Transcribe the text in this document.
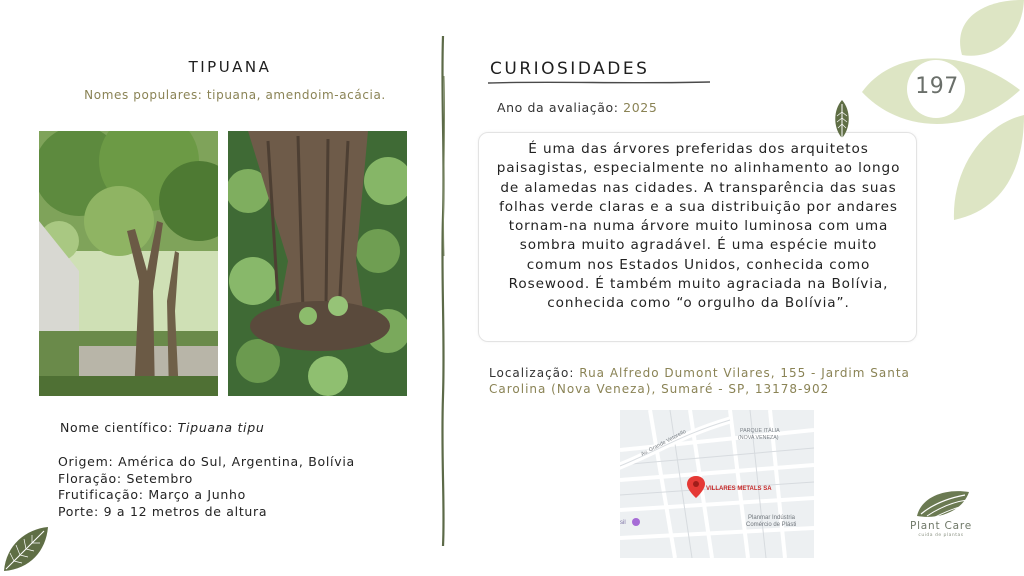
TIPUANA
Nomes populares: tipuana, amendoim-acácia.
Nome científico: Tipuana tipu
Origem: América do Sul, Argentina, Bolívia
Floração: Setembro
Frutificação: Março a Junho
Porte: 9 a 12 metros de altura
CURIOSIDADES
Ano da avaliação: 2025
É uma das árvores preferidas dos arquitetos paisagistas, especialmente no alinhamento ao longo de alamedas nas cidades. A transparência das suas folhas verde claras e a sua distribuição por andares tornam-na numa árvore muito luminosa com uma sombra muito agradável. É uma espécie muito comum nos Estados Unidos, conhecida como Rosewood. É também muito agraciada na Bolívia, conhecida como “o orgulho da Bolívia”.
Localização: Rua Alfredo Dumont Vilares, 155 - Jardim Santa Carolina (Nova Veneza), Sumaré - SP, 13178-902
Av. Grande Vetorello	PARQUE ITÁLIA
(NOVA VENEZA)
VILLARES METALS SA
Planmar Indústria
Comércio de Plásti
sil
197
Plant Care
cuida de plantas
